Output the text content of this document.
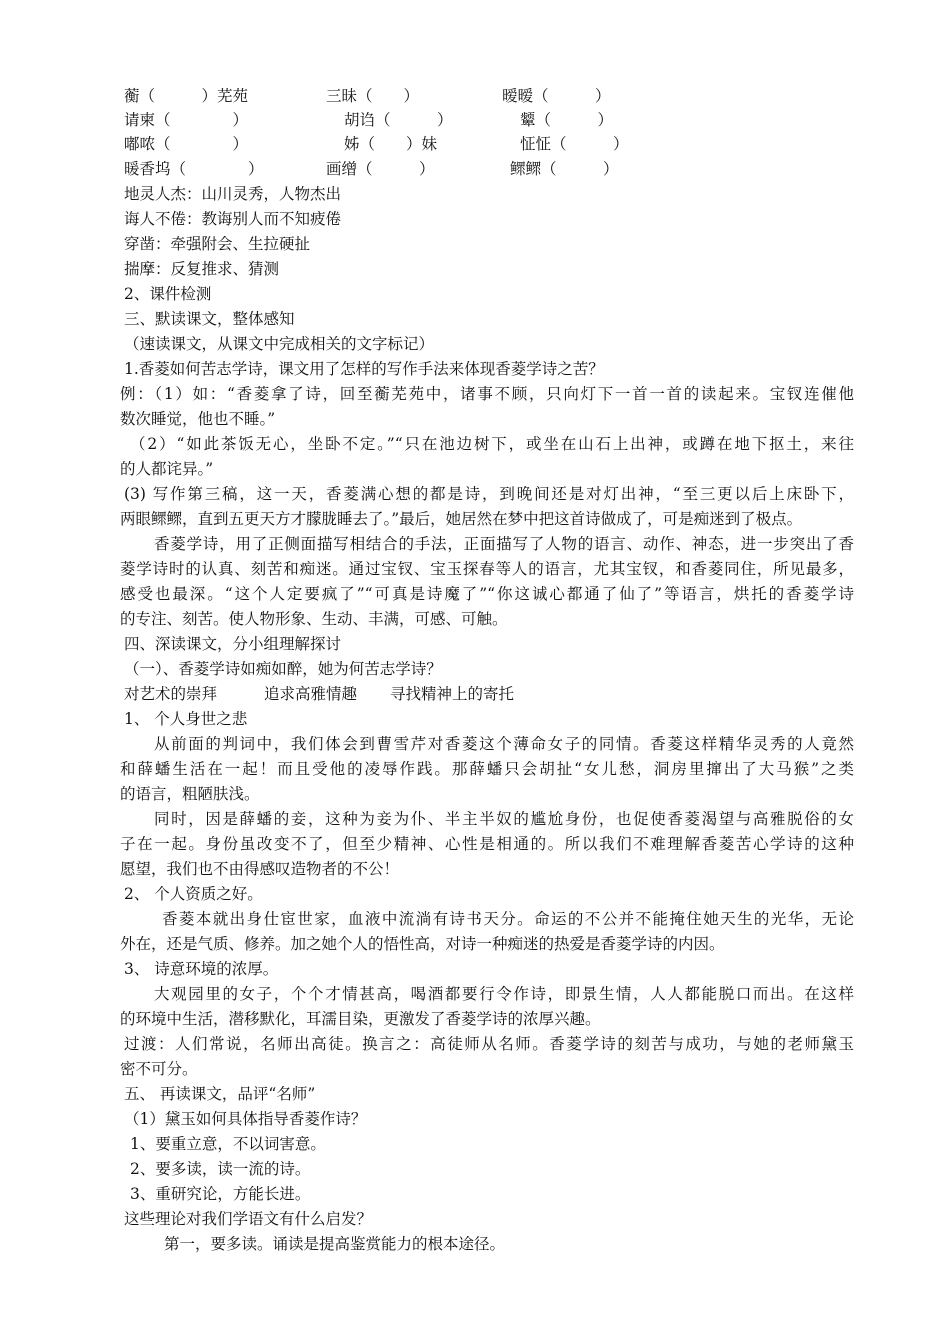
蘅（　　　）芜苑	三昧（　　）	暧暧（　　　）
请柬（　　　　）	胡诌（　　　）	颦（　　　）
嘟哝（　　　　）	姊（　　）妹	怔怔（　　　）
暖香坞（　　　　）	画缯（　　　）	鳏鳏（　　　）
地灵人杰：山川灵秀，人物杰出
诲人不倦：教诲别人而不知疲倦
穿凿：牵强附会、生拉硬扯
揣摩：反复推求、猜测
2、课件检测
三、默读课文，整体感知
（速读课文，从课文中完成相关的文字标记）
1.香菱如何苦志学诗，课文用了怎样的写作手法来体现香菱学诗之苦？
例：（1）如：“香菱拿了诗，回至蘅芜苑中，诸事不顾，只向灯下一首一首的读起来。宝钗连催他
数次睡觉，他也不睡。”
（2）“如此茶饭无心，坐卧不定。”“只在池边树下，或坐在山石上出神，或蹲在地下抠土，来往
的人都诧异。”
(3) 写作第三稿，这一天，香菱满心想的都是诗，到晚间还是对灯出神，“至三更以后上床卧下，
两眼鳏鳏，直到五更天方才朦胧睡去了。”最后，她居然在梦中把这首诗做成了，可是痴迷到了极点。
香菱学诗，用了正侧面描写相结合的手法，正面描写了人物的语言、动作、神态，进一步突出了香
菱学诗时的认真、刻苦和痴迷。通过宝钗、宝玉探春等人的语言，尤其宝钗，和香菱同住，所见最多，
感受也最深。“这个人定要疯了”“可真是诗魔了”“你这诚心都通了仙了”等语言，烘托的香菱学诗
的专注、刻苦。使人物形象、生动、丰满，可感、可触。
四、深读课文，分小组理解探讨
（一）、香菱学诗如痴如醉，她为何苦志学诗？
对艺术的崇拜	追求高雅情趣 寻找精神上的寄托
1、 个人身世之悲
从前面的判词中，我们体会到曹雪芹对香菱这个薄命女子的同情。香菱这样精华灵秀的人竟然
和薛蟠生活在一起！而且受他的凌辱作践。那薛蟠只会胡扯“女儿愁，洞房里撺出了大马猴”之类
的语言，粗陋肤浅。
同时，因是薛蟠的妾，这种为妾为仆、半主半奴的尴尬身份，也促使香菱渴望与高雅脱俗的女
子在一起。身份虽改变不了，但至少精神、心性是相通的。所以我们不难理解香菱苦心学诗的这种
愿望，我们也不由得感叹造物者的不公！
2、 个人资质之好。
香菱本就出身仕宦世家，血液中流淌有诗书天分。命运的不公并不能掩住她天生的光华，无论
外在，还是气质、修养。加之她个人的悟性高，对诗一种痴迷的热爱是香菱学诗的内因。
3、 诗意环境的浓厚。
大观园里的女子，个个才情甚高，喝酒都要行令作诗，即景生情，人人都能脱口而出。在这样
的环境中生活，潜移默化，耳濡目染，更激发了香菱学诗的浓厚兴趣。
过渡：人们常说，名师出高徒。换言之：高徒师从名师。香菱学诗的刻苦与成功，与她的老师黛玉
密不可分。
五、 再读课文，品评“名师”
（1）黛玉如何具体指导香菱作诗？
1、要重立意，不以词害意。
2、要多读，读一流的诗。
3、重研究论，方能长进。
这些理论对我们学语文有什么启发？
第一，要多读。诵读是提高鉴赏能力的根本途径。
